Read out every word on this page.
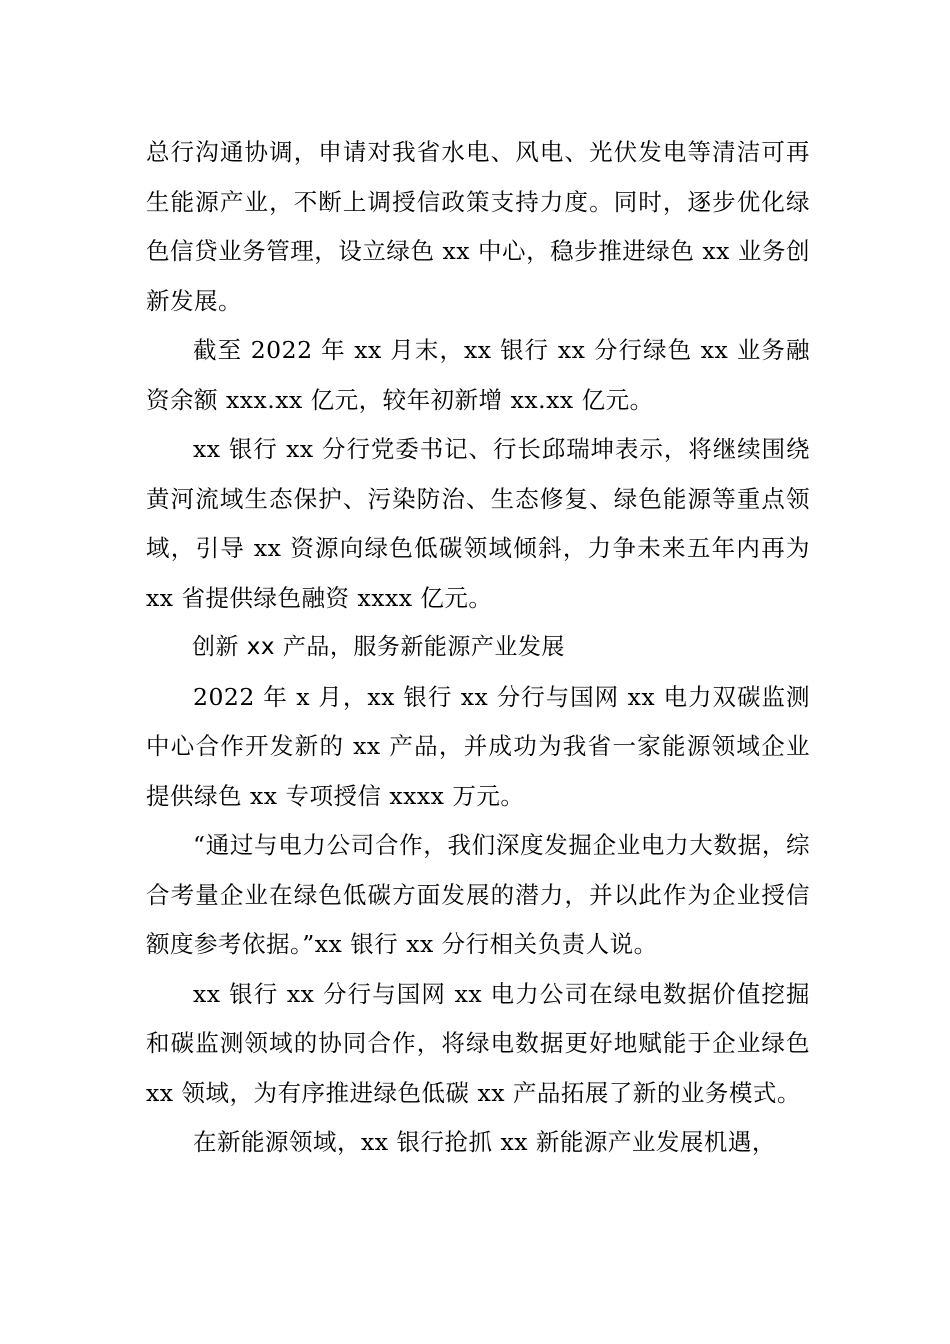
总行沟通协调，申请对我省水电、风电、光伏发电等清洁可再生能源产业，不断上调授信政策支持力度。同时，逐步优化绿色信贷业务管理，设立绿色 xx 中心，稳步推进绿色 xx 业务创新发展。

截至 2022 年 xx 月末，xx 银行 xx 分行绿色 xx 业务融资余额 xxx.xx 亿元，较年初新增 xx.xx 亿元。

xx 银行 xx 分行党委书记、行长邱瑞坤表示，将继续围绕黄河流域生态保护、污染防治、生态修复、绿色能源等重点领域，引导 xx 资源向绿色低碳领域倾斜，力争未来五年内再为 xx 省提供绿色融资 xxxx 亿元。

创新 xx 产品，服务新能源产业发展

2022 年 x 月，xx 银行 xx 分行与国网 xx 电力双碳监测中心合作开发新的 xx 产品，并成功为我省一家能源领域企业提供绿色 xx 专项授信 xxxx 万元。

“通过与电力公司合作，我们深度发掘企业电力大数据，综合考量企业在绿色低碳方面发展的潜力，并以此作为企业授信额度参考依据。”xx 银行 xx 分行相关负责人说。

xx 银行 xx 分行与国网 xx 电力公司在绿电数据价值挖掘和碳监测领域的协同合作，将绿电数据更好地赋能于企业绿色 xx 领域，为有序推进绿色低碳 xx 产品拓展了新的业务模式。

在新能源领域，xx 银行抢抓 xx 新能源产业发展机遇，
